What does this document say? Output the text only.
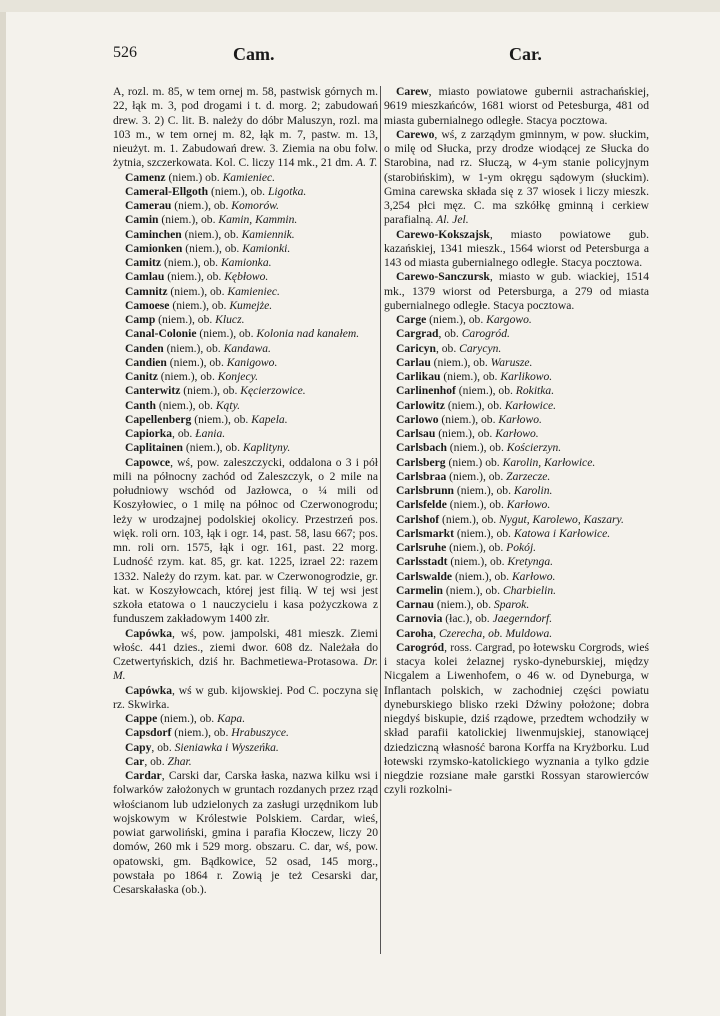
526	Cam.	Car.

A, rozl. m. 85, w tem ornej m. 58, pastwisk górnych m. 22, łąk m. 3, pod drogami i t. d. morg. 2; zabudowań drew. 3. 2) C. lit. B. należy do dóbr Maluszyn, rozl. ma 103 m., w tem ornej m. 82, łąk m. 7, pastw. m. 13, nieużyt. m. 1. Zabudowań drew. 3. Ziemia na obu folw. żytnia, szczerkowata. Kol. C. liczy 114 mk., 21 dm. A. T.

Camenz (niem.) ob. Kamieniec.

Cameral-Ellgoth (niem.), ob. Ligotka.

Camerau (niem.), ob. Komorów.

Camin (niem.), ob. Kamin, Kammin.

Caminchen (niem.), ob. Kamiennik.

Camionken (niem.), ob. Kamionki.

Camitz (niem.), ob. Kamionka.

Camlau (niem.), ob. Kębłowo.

Camnitz (niem.), ob. Kamieniec.

Camoese (niem.), ob. Kumejże.

Camp (niem.), ob. Klucz.

Canal-Colonie (niem.), ob. Kolonia nad kanałem.

Canden (niem.), ob. Kandawa.

Candien (niem.), ob. Kanigowo.

Canitz (niem.), ob. Konjecy.

Canterwitz (niem.), ob. Kęcierzowice.

Canth (niem.), ob. Kąty.

Capellenberg (niem.), ob. Kapela.

Capiorka, ob. Łania.

Caplitainen (niem.), ob. Kaplityny.

Capowce, wś, pow. zaleszczycki, oddalona o 3 i pół mili na północny zachód od Zaleszczyk, o 2 mile na południowy wschód od Jazłowca, o ¼ mili od Koszyłowiec, o 1 milę na północ od Czerwonogrodu; leży w urodzajnej podolskiej okolicy. Przestrzeń pos. więk. roli orn. 103, łąk i ogr. 14, past. 58, lasu 667; pos. mn. roli orn. 1575, łąk i ogr. 161, past. 22 morg. Ludność rzym. kat. 85, gr. kat. 1225, izrael 22: razem 1332. Należy do rzym. kat. par. w Czerwonogrodzie, gr. kat. w Koszyłowcach, której jest filią. W tej wsi jest szkoła etatowa o 1 nauczycielu i kasa pożyczkowa z funduszem zakładowym 1400 złr.

Capówka, wś, pow. jampolski, 481 mieszk. Ziemi włośc. 441 dzies., ziemi dwor. 608 dz. Należała do Czetwertyńskich, dziś hr. Bachmetiewa-Protasowa. Dr. M.

Capówka, wś w gub. kijowskiej. Pod C. poczyna się rz. Skwirka.

Cappe (niem.), ob. Kapa.

Capsdorf (niem.), ob. Hrabuszyce.

Capy, ob. Sieniawka i Wyszeńka.

Car, ob. Zhar.

Cardar, Carski dar, Carska łaska, nazwa kilku wsi i folwarków założonych w gruntach rozdanych przez rząd włościanom lub udzielonych za zasługi urzędnikom lub wojskowym w Królestwie Polskiem. Cardar, wieś, powiat garwoliński, gmina i parafia Kłoczew, liczy 20 domów, 260 mk i 529 morg. obszaru. C. dar, wś, pow. opatowski, gm. Bądkowice, 52 osad, 145 morg., powstała po 1864 r. Zowią je też Cesarski dar, Cesarskałaska (ob.).

Carew, miasto powiatowe gubernii astrachańskiej, 9619 mieszkańców, 1681 wiorst od Petesburga, 481 od miasta gubernialnego odległe. Stacya pocztowa.

Carewo, wś, z zarządym gminnym, w pow. słuckim, o milę od Słucka, przy drodze wiodącej ze Słucka do Starobina, nad rz. Słuczą, w 4-ym stanie policyjnym (starobińskim), w 1-ym okręgu sądowym (słuckim). Gmina carewska składa się z 37 wiosek i liczy mieszk. 3,254 płci męz. C. ma szkółkę gminną i cerkiew parafialną. Al. Jel.

Carewo-Kokszajsk, miasto powiatowe gub. kazańskiej, 1341 mieszk., 1564 wiorst od Petersburga a 143 od miasta gubernialnego odległe. Stacya pocztowa.

Carewo-Sanczursk, miasto w gub. wiackiej, 1514 mk., 1379 wiorst od Petersburga, a 279 od miasta gubernialnego odległe. Stacya pocztowa.

Carge (niem.), ob. Kargowo.

Cargrad, ob. Carogród.

Caricyn, ob. Carycyn.

Carlau (niem.), ob. Warusze.

Carlikau (niem.), ob. Karlikowo.

Carlinenhof (niem.), ob. Rokitka.

Carlowitz (niem.), ob. Karłowice.

Carlowo (niem.), ob. Karłowo.

Carlsau (niem.), ob. Karłowo.

Carlsbach (niem.), ob. Kościerzyn.

Carlsberg (niem.) ob. Karolin, Karłowice.

Carlsbraa (niem.), ob. Zarzecze.

Carlsbrunn (niem.), ob. Karolin.

Carlsfelde (niem.), ob. Karłowo.

Carlshof (niem.), ob. Nygut, Karolewo, Kaszary.

Carlsmarkt (niem.), ob. Katowa i Karłowice.

Carlsruhe (niem.), ob. Pokój.

Carlsstadt (niem.), ob. Kretynga.

Carlswalde (niem.), ob. Karłowo.

Carmelin (niem.), ob. Charbielin.

Carnau (niem.), ob. Sparok.

Carnovia (łac.), ob. Jaegerndorf.

Caroha, Czerecha, ob. Muldowa.

Carogród, ross. Cargrad, po łotewsku Corgrods, wieś i stacya kolei żelaznej rysko-dyneburskiej, między Nicgalem a Liwenhofem, o 46 w. od Dyneburga, w Inflantach polskich, w zachodniej części powiatu dyneburskiego blisko rzeki Dźwiny położone; dobra niegdyś biskupie, dziś rządowe, przedtem wchodziły w skład parafii katolickiej liwenmujskiej, stanowiącej dziedziczną własność barona Korffa na Kryżborku. Lud łotewski rzymsko-katolickiego wyznania a tylko gdzie niegdzie rozsiane małe garstki Rossyan starowierców czyli rozkolni-
